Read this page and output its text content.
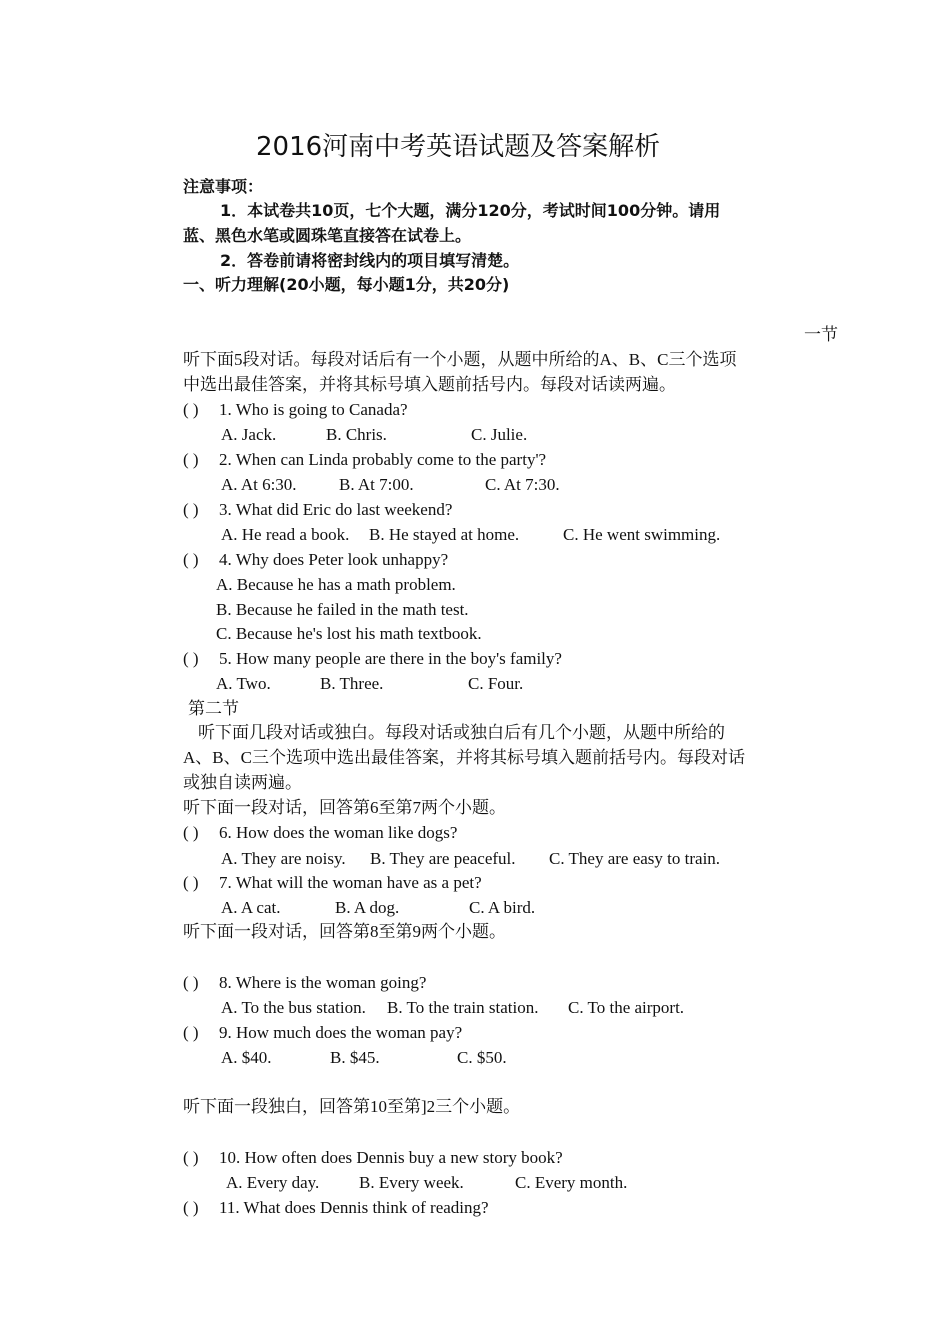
2016河南中考英语试题及答案解析
注意事项：
1．本试卷共10页，七个大题，满分120分，考试时间100分钟。请用
蓝、黑色水笔或圆珠笔直接答在试卷上。
2．答卷前请将密封线内的项目填写清楚。
一、听力理解(20小题，每小题1分，共20分)
一节
听下面5段对话。每段对话后有一个小题，从题中所给的A、B、C三个选项
中选出最佳答案，并将其标号填入题前括号内。每段对话读两遍。
( ) 1. Who is going to Canada?
A. Jack.	B. Chris.	C. Julie.
( ) 2. When can Linda probably come to the party'?
A. At 6:30. B. At 7:00.	C. At 7:30.
( ) 3. What did Eric do last weekend?
A. He read a book. B. He stayed at home.	C. He went swimming.
( ) 4. Why does Peter look unhappy?
A. Because he has a math problem.
B. Because he failed in the math test.
C. Because he's lost his math textbook.
( ) 5. How many people are there in the boy's family?
A. Two.	B. Three.	C. Four.
第二节
听下面几段对话或独白。每段对话或独白后有几个小题，从题中所给的
A、B、C三个选项中选出最佳答案，并将其标号填入题前括号内。每段对话
或独自读两遍。
听下面一段对话，回答第6至第7两个小题。
( ) 6. How does the woman like dogs?
A. They are noisy. B. They are peaceful. C. They are easy to train.
( ) 7. What will the woman have as a pet?
A. A cat.	B. A dog.	C. A bird.
听下面一段对话，回答第8至第9两个小题。
( ) 8. Where is the woman going?
A. To the bus station. B. To the train station. C. To the airport.
( ) 9. How much does the woman pay?
A. $40.	B. $45.	C. $50.
听下面一段独白，回答第10至第]2三个小题。
( ) 10. How often does Dennis buy a new story book?
A. Every day. B. Every week.	C. Every month.
( ) 11. What does Dennis think of reading?
